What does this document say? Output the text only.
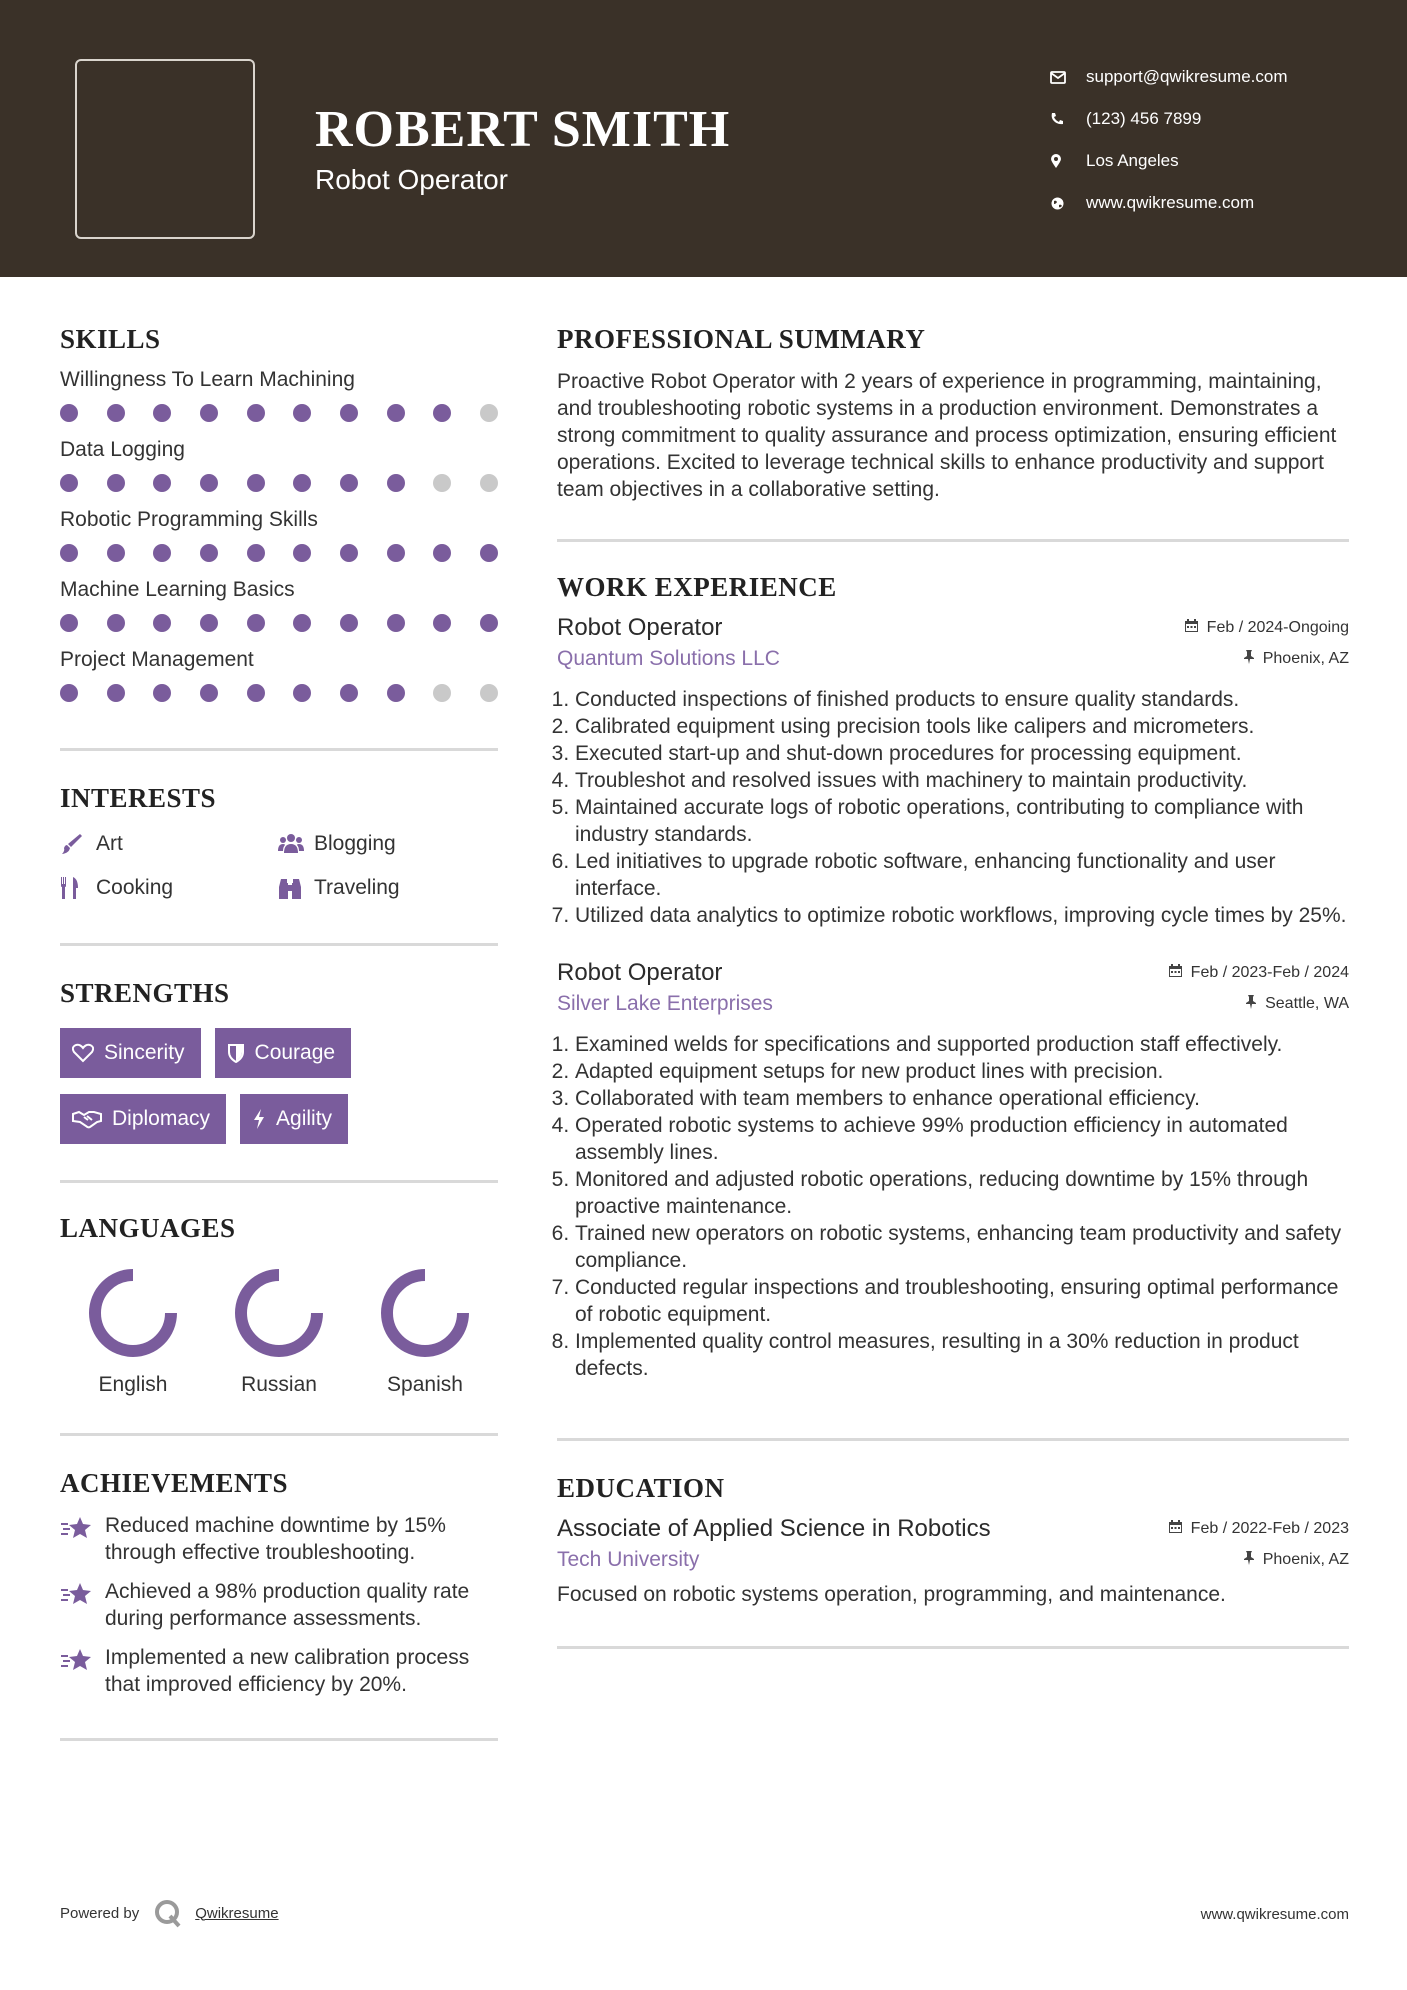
ROBERT SMITH
Robot Operator
support@qwikresume.com
(123) 456 7899
Los Angeles
www.qwikresume.com
SKILLS
Willingness To Learn Machining
Data Logging
Robotic Programming Skills
Machine Learning Basics
Project Management
INTERESTS
Art	Blogging
Cooking	Traveling
STRENGTHS
Sincerity	Courage
Diplomacy	Agility
LANGUAGES
English	Russian	Spanish
ACHIEVEMENTS
Reduced machine downtime by 15% through effective troubleshooting.
Achieved a 98% production quality rate during performance assessments.
Implemented a new calibration process that improved efficiency by 20%.
PROFESSIONAL SUMMARY
Proactive Robot Operator with 2 years of experience in programming, maintaining, and troubleshooting robotic systems in a production environment. Demonstrates a strong commitment to quality assurance and process optimization, ensuring efficient operations. Excited to leverage technical skills to enhance productivity and support team objectives in a collaborative setting.
WORK EXPERIENCE
Robot Operator	Feb / 2024-Ongoing
Quantum Solutions LLC	Phoenix, AZ
1. Conducted inspections of finished products to ensure quality standards.
2. Calibrated equipment using precision tools like calipers and micrometers.
3. Executed start-up and shut-down procedures for processing equipment.
4. Troubleshot and resolved issues with machinery to maintain productivity.
5. Maintained accurate logs of robotic operations, contributing to compliance with industry standards.
6. Led initiatives to upgrade robotic software, enhancing functionality and user interface.
7. Utilized data analytics to optimize robotic workflows, improving cycle times by 25%.
Robot Operator	Feb / 2023-Feb / 2024
Silver Lake Enterprises	Seattle, WA
1. Examined welds for specifications and supported production staff effectively.
2. Adapted equipment setups for new product lines with precision.
3. Collaborated with team members to enhance operational efficiency.
4. Operated robotic systems to achieve 99% production efficiency in automated assembly lines.
5. Monitored and adjusted robotic operations, reducing downtime by 15% through proactive maintenance.
6. Trained new operators on robotic systems, enhancing team productivity and safety compliance.
7. Conducted regular inspections and troubleshooting, ensuring optimal performance of robotic equipment.
8. Implemented quality control measures, resulting in a 30% reduction in product defects.
EDUCATION
Associate of Applied Science in Robotics	Feb / 2022-Feb / 2023
Tech University	Phoenix, AZ
Focused on robotic systems operation, programming, and maintenance.
Powered by	Qwikresume	www.qwikresume.com
